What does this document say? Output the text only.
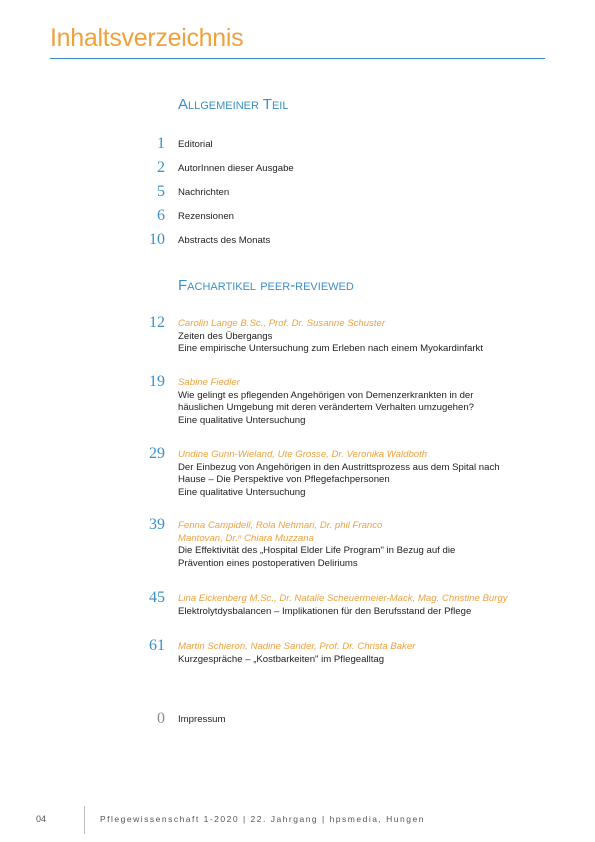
Inhaltsverzeichnis
Allgemeiner Teil
1 Editorial
2 AutorInnen dieser Ausgabe
5 Nachrichten
6 Rezensionen
10 Abstracts des Monats
Fachartikel peer-reviewed
12 Carolin Lange B.Sc., Prof. Dr. Susanne Schuster
Zeiten des Übergangs
Eine empirische Untersuchung zum Erleben nach einem Myokardinfarkt
19 Sabine Fiedler
Wie gelingt es pflegenden Angehörigen von Demenzerkrankten in der
häuslichen Umgebung mit deren verändertem Verhalten umzugehen?
Eine qualitative Untersuchung
29 Undine Gunn-Wieland, Ute Grosse, Dr. Veronika Waldboth
Der Einbezug von Angehörigen in den Austrittsprozess aus dem Spital nach
Hause – Die Perspektive von Pflegefachpersonen
Eine qualitative Untersuchung
39 Fenna Campidell, Rola Nehmari, Dr. phil Franco
Mantovan, Dr.ⁿ Chiara Muzzana
Die Effektivität des „Hospital Elder Life Program" in Bezug auf die
Prävention eines postoperativen Deliriums
45 Lina Eickenberg M.Sc., Dr. Natalie Scheuermeier-Mack, Mag. Christine Burgy
Elektrolytdysbalancen – Implikationen für den Berufsstand der Pflege
61 Martin Schieron, Nadine Sander, Prof. Dr. Christa Baker
Kurzgespräche – „Kostbarkeiten" im Pflegealltag
0 Impressum
04	Pflegewissenschaft 1-2020 | 22. Jahrgang | hpsmedia, Hungen
